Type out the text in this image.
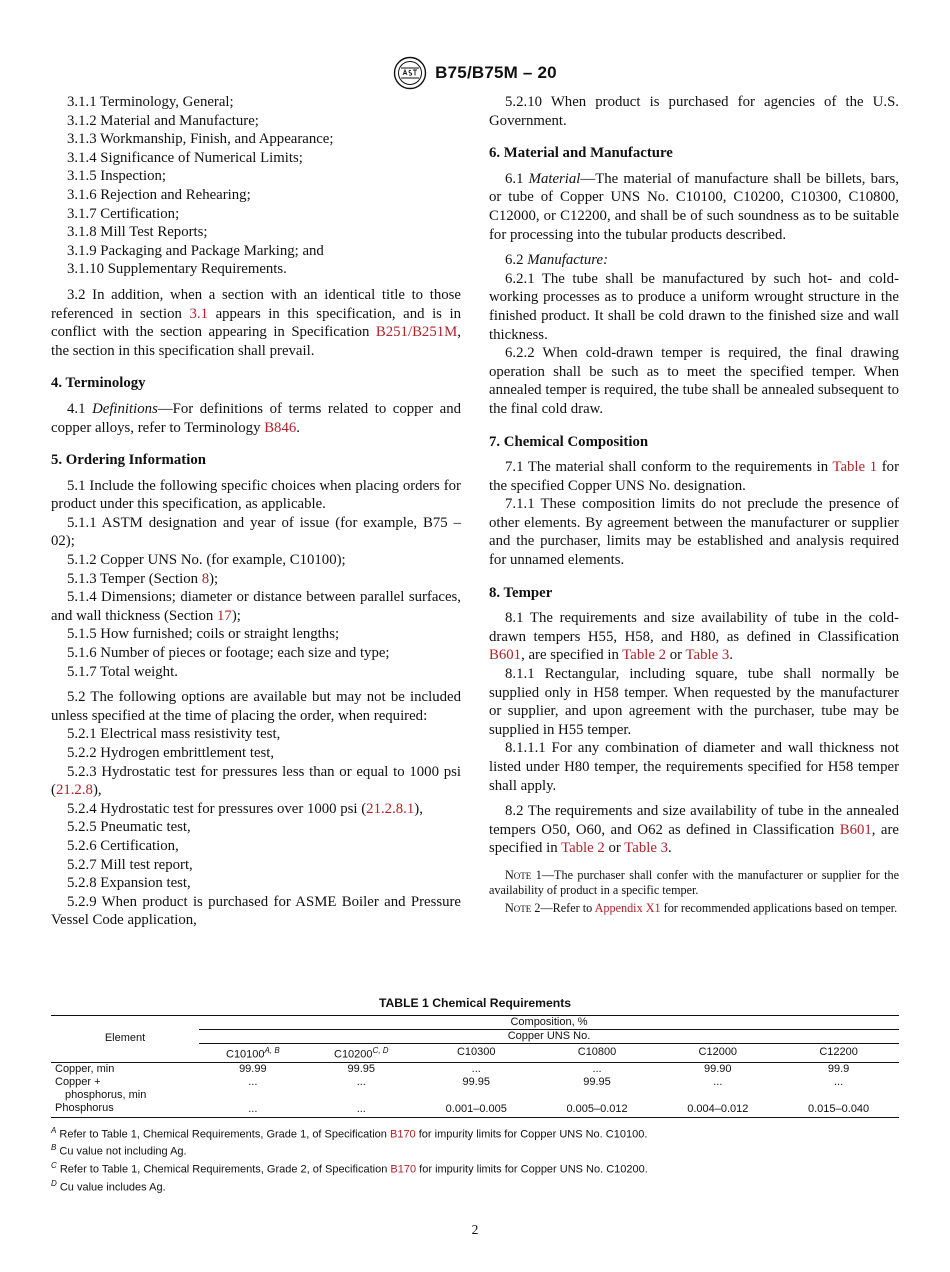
B75/B75M – 20
3.1.1 Terminology, General;
3.1.2 Material and Manufacture;
3.1.3 Workmanship, Finish, and Appearance;
3.1.4 Significance of Numerical Limits;
3.1.5 Inspection;
3.1.6 Rejection and Rehearing;
3.1.7 Certification;
3.1.8 Mill Test Reports;
3.1.9 Packaging and Package Marking; and
3.1.10 Supplementary Requirements.

3.2 In addition, when a section with an identical title to those referenced in section 3.1 appears in this specification, and is in conflict with the section appearing in Specification B251/B251M, the section in this specification shall prevail.

4. Terminology

4.1 Definitions—For definitions of terms related to copper and copper alloys, refer to Terminology B846.

5. Ordering Information

5.1 Include the following specific choices when placing orders for product under this specification, as applicable.

5.1.1 ASTM designation and year of issue (for example, B75 – 02);

5.1.2 Copper UNS No. (for example, C10100);

5.1.3 Temper (Section 8);

5.1.4 Dimensions; diameter or distance between parallel surfaces, and wall thickness (Section 17);

5.1.5 How furnished; coils or straight lengths;

5.1.6 Number of pieces or footage; each size and type;

5.1.7 Total weight.

5.2 The following options are available but may not be included unless specified at the time of placing the order, when required:

5.2.1 Electrical mass resistivity test,

5.2.2 Hydrogen embrittlement test,

5.2.3 Hydrostatic test for pressures less than or equal to 1000 psi (21.2.8),

5.2.4 Hydrostatic test for pressures over 1000 psi (21.2.8.1),

5.2.5 Pneumatic test,

5.2.6 Certification,

5.2.7 Mill test report,

5.2.8 Expansion test,

5.2.9 When product is purchased for ASME Boiler and Pressure Vessel Code application,

5.2.10 When product is purchased for agencies of the U.S. Government.

6. Material and Manufacture

6.1 Material—The material of manufacture shall be billets, bars, or tube of Copper UNS No. C10100, C10200, C10300, C10800, C12000, or C12200, and shall be of such soundness as to be suitable for processing into the tubular products described.

6.2 Manufacture:

6.2.1 The tube shall be manufactured by such hot- and cold-working processes as to produce a uniform wrought structure in the finished product. It shall be cold drawn to the finished size and wall thickness.

6.2.2 When cold-drawn temper is required, the final drawing operation shall be such as to meet the specified temper. When annealed temper is required, the tube shall be annealed subsequent to the final cold draw.

7. Chemical Composition

7.1 The material shall conform to the requirements in Table 1 for the specified Copper UNS No. designation.

7.1.1 These composition limits do not preclude the presence of other elements. By agreement between the manufacturer or supplier and the purchaser, limits may be established and analysis required for unnamed elements.

8. Temper

8.1 The requirements and size availability of tube in the cold-drawn tempers H55, H58, and H80, as defined in Classification B601, are specified in Table 2 or Table 3.

8.1.1 Rectangular, including square, tube shall normally be supplied only in H58 temper. When requested by the manufacturer or supplier, and upon agreement with the purchaser, tube may be supplied in H55 temper.

8.1.1.1 For any combination of diameter and wall thickness not listed under H80 temper, the requirements specified for H58 temper shall apply.

8.2 The requirements and size availability of tube in the annealed tempers O50, O60, and O62 as defined in Classification B601, are specified in Table 2 or Table 3.

Note 1—The purchaser shall confer with the manufacturer or supplier for the availability of product in a specific temper.

Note 2—Refer to Appendix X1 for recommended applications based on temper.

TABLE 1 Chemical Requirements
Element	Composition, %					
	Copper UNS No.					
	$C10100^{A, B}$	$C10200^{C, D}$	C10300	C10800	C12000	C12200
Copper, min	99.99	99.95	...	...	99.90	99.9
Copper +
phosphorus, min	...	...	99.95	99.95	...	...
Phosphorus	...	...	0.001–0.005	0.005–0.012	0.004–0.012	0.015–0.040
$^A$ Refer to Table 1, Chemical Requirements, Grade 1, of Specification B170 for impurity limits for Copper UNS No. C10100.
$^B$ Cu value not including Ag.
$^C$ Refer to Table 1, Chemical Requirements, Grade 2, of Specification B170 for impurity limits for Copper UNS No. C10200.
$^D$ Cu value includes Ag.
2
